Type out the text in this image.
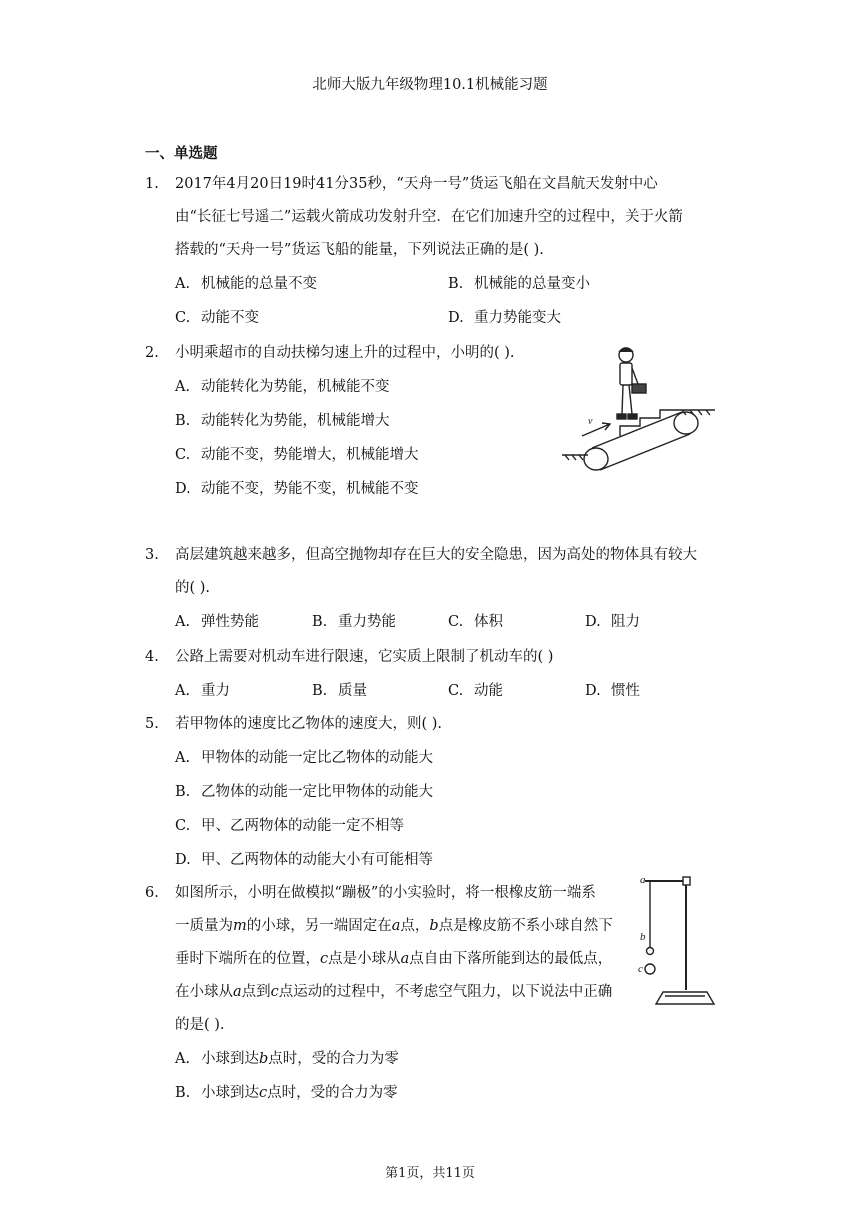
北师大版九年级物理10.1机械能习题
一、单选题
1. 2017年4月20日19时41分35秒，“天舟一号”货运飞船在文昌航天发射中心
由“长征七号遥二”运载火箭成功发射升空．在它们加速升空的过程中，关于火箭
搭载的“天舟一号”货运飞船的能量，下列说法正确的是( ).
A. 机械能的总量不变	B. 机械能的总量变小
C. 动能不变	D. 重力势能变大
2. 小明乘超市的自动扶梯匀速上升的过程中，小明的( ).
A. 动能转化为势能，机械能不变
B. 动能转化为势能，机械能增大
C. 动能不变，势能增大，机械能增大
D. 动能不变，势能不变，机械能不变
v
3. 高层建筑越来越多，但高空抛物却存在巨大的安全隐患，因为高处的物体具有较大
的( ).
A. 弹性势能	B. 重力势能	C. 体积	D. 阻力
4. 公路上需要对机动车进行限速，它实质上限制了机动车的( )
A. 重力	B. 质量	C. 动能	D. 惯性
5. 若甲物体的速度比乙物体的速度大，则( ).
A. 甲物体的动能一定比乙物体的动能大
B. 乙物体的动能一定比甲物体的动能大
C. 甲、乙两物体的动能一定不相等
D. 甲、乙两物体的动能大小有可能相等
6. 如图所示，小明在做模拟“蹦极”的小实验时，将一根橡皮筋一端系
一质量为m的小球，另一端固定在a点，b点是橡皮筋不系小球自然下
垂时下端所在的位置，c点是小球从a点自由下落所能到达的最低点，
在小球从a点到c点运动的过程中，不考虑空气阻力，以下说法中正确
的是( ).
A. 小球到达b点时，受的合力为零
B. 小球到达c点时，受的合力为零
a
b
c
第1页，共11页
